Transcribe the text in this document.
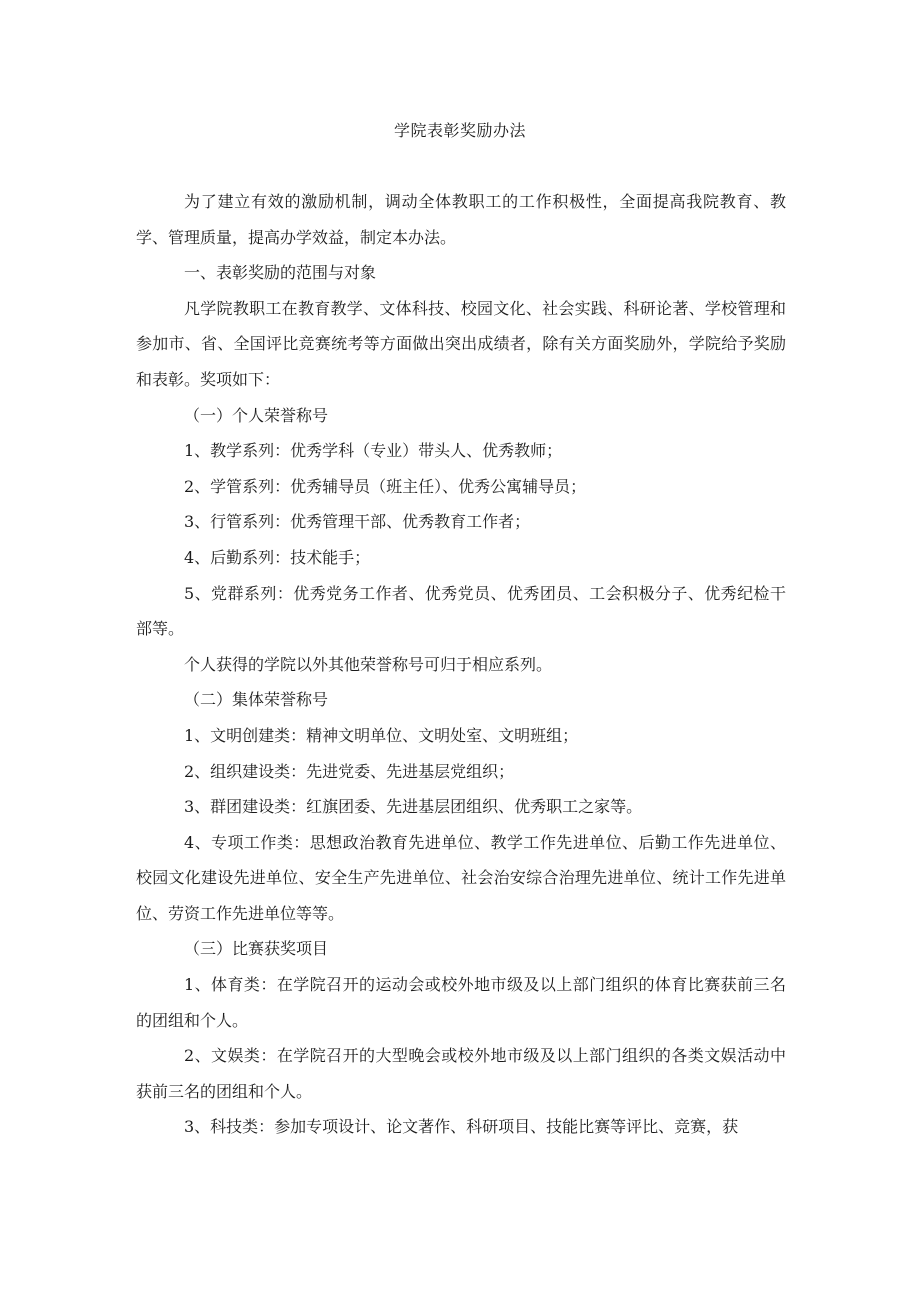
学院表彰奖励办法

为了建立有效的激励机制，调动全体教职工的工作积极性，全面提高我院教育、教学、管理质量，提高办学效益，制定本办法。

一、表彰奖励的范围与对象

凡学院教职工在教育教学、文体科技、校园文化、社会实践、科研论著、学校管理和参加市、省、全国评比竞赛统考等方面做出突出成绩者，除有关方面奖励外，学院给予奖励和表彰。奖项如下：

（一）个人荣誉称号

1、教学系列：优秀学科（专业）带头人、优秀教师；

2、学管系列：优秀辅导员（班主任）、优秀公寓辅导员；

3、行管系列：优秀管理干部、优秀教育工作者；

4、后勤系列：技术能手；

5、党群系列：优秀党务工作者、优秀党员、优秀团员、工会积极分子、优秀纪检干部等。

个人获得的学院以外其他荣誉称号可归于相应系列。

（二）集体荣誉称号

1、文明创建类：精神文明单位、文明处室、文明班组；

2、组织建设类：先进党委、先进基层党组织；

3、群团建设类：红旗团委、先进基层团组织、优秀职工之家等。

4、专项工作类：思想政治教育先进单位、教学工作先进单位、后勤工作先进单位、校园文化建设先进单位、安全生产先进单位、社会治安综合治理先进单位、统计工作先进单位、劳资工作先进单位等等。

（三）比赛获奖项目

1、体育类：在学院召开的运动会或校外地市级及以上部门组织的体育比赛获前三名的团组和个人。

2、文娱类：在学院召开的大型晚会或校外地市级及以上部门组织的各类文娱活动中获前三名的团组和个人。

3、科技类：参加专项设计、论文著作、科研项目、技能比赛等评比、竞赛，获
